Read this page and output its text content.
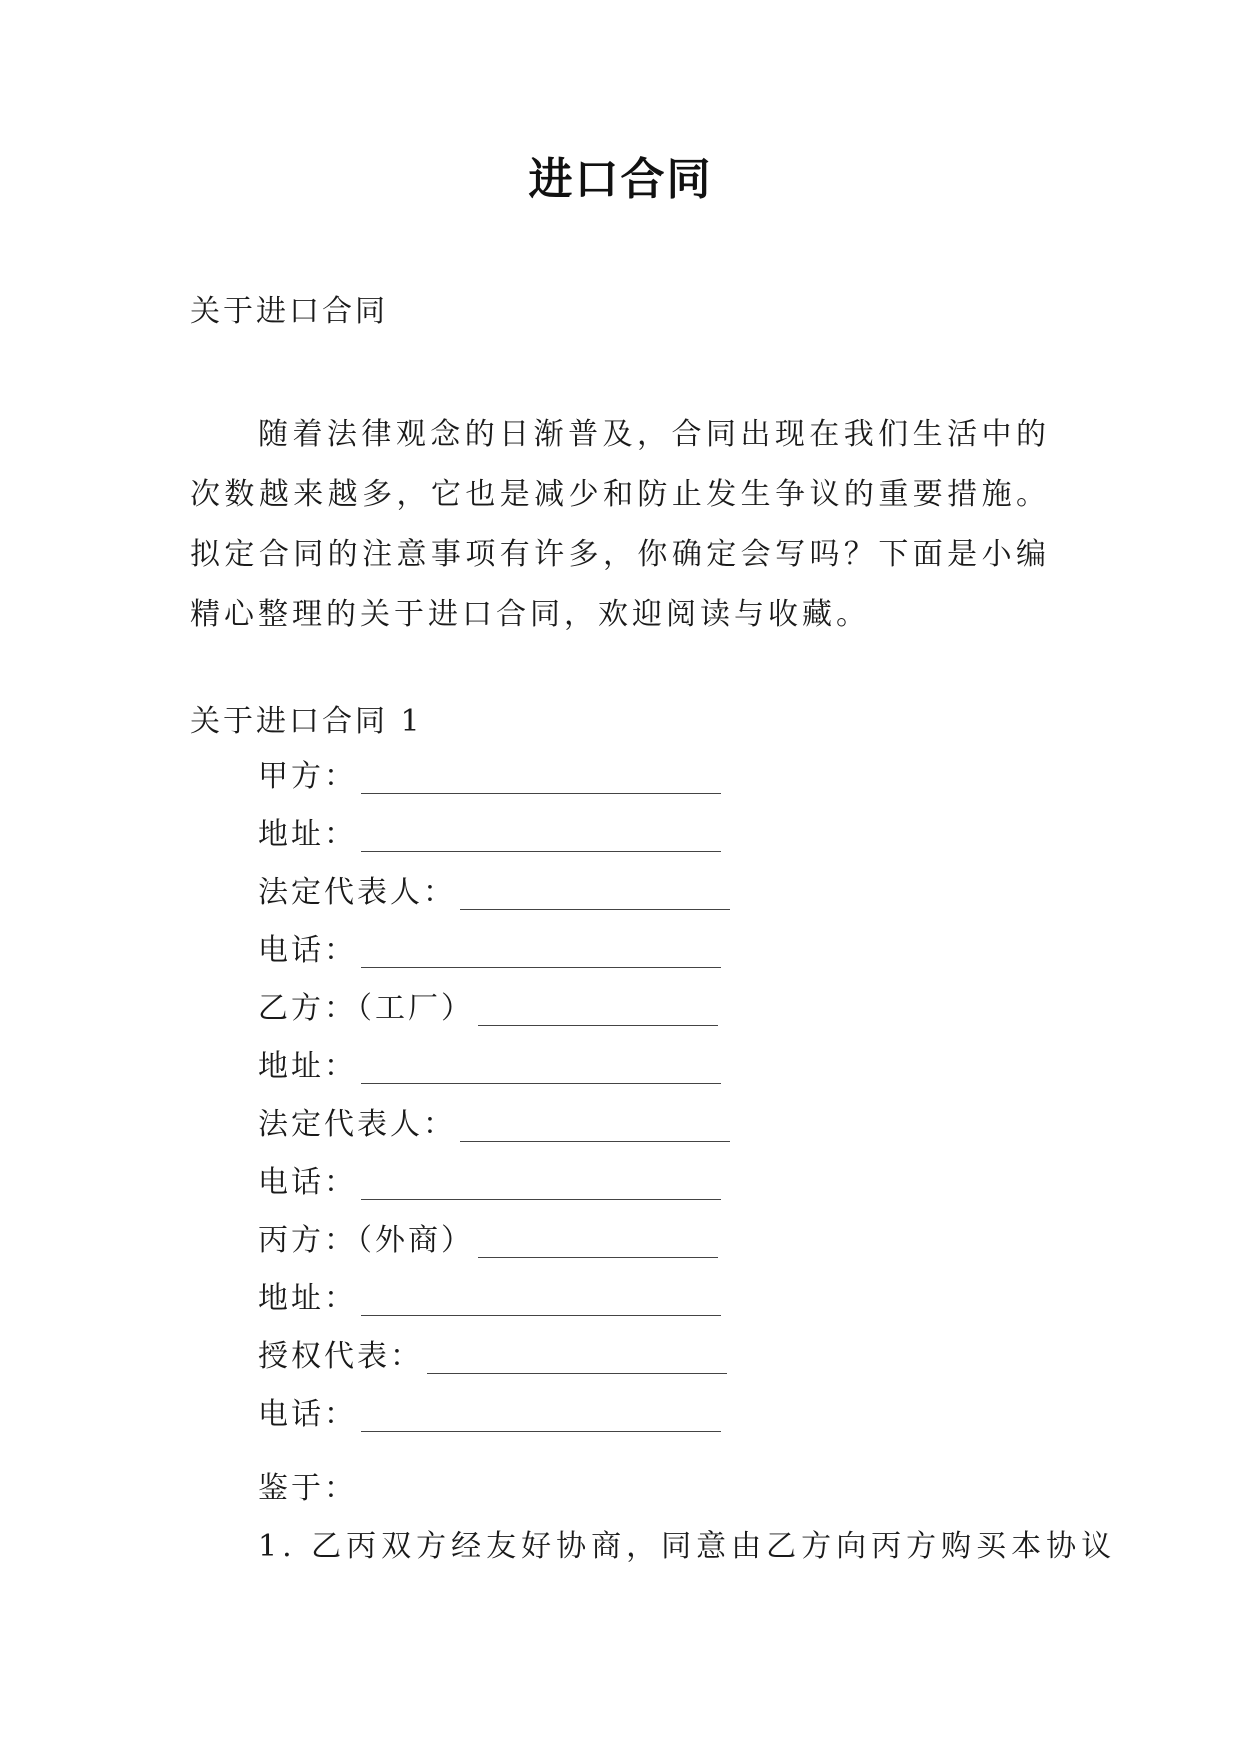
进口合同
关于进口合同

随着法律观念的日渐普及，合同出现在我们生活中的次数越来越多，它也是减少和防止发生争议的重要措施。拟定合同的注意事项有许多，你确定会写吗？下面是小编精心整理的关于进口合同，欢迎阅读与收藏。

关于进口合同 1
甲方：
地址：
法定代表人：
电话：
乙方：（工厂）
地址：
法定代表人：
电话：
丙方：（外商）
地址：
授权代表：
电话：
鉴于：
1. 乙丙双方经友好协商，同意由乙方向丙方购买本协议
